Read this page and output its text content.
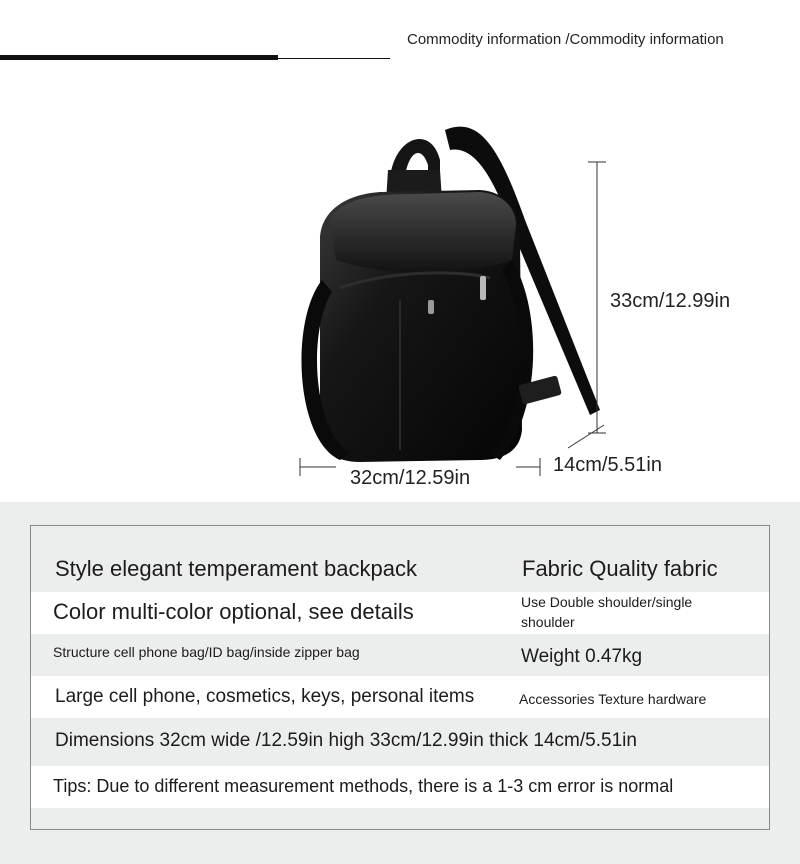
Commodity information /Commodity information
33cm/12.99in
32cm/12.59in
14cm/5.51in
Style elegant temperament backpack	Fabric Quality fabric
Color multi-color optional, see details	Use Double shoulder/single
shoulder
Structure cell phone bag/ID bag/inside zipper bag	Weight 0.47kg
Large cell phone, cosmetics, keys, personal items	Accessories Texture hardware
Dimensions 32cm wide /12.59in high 33cm/12.99in thick 14cm/5.51in
Tips: Due to different measurement methods, there is a 1-3 cm error is normal
